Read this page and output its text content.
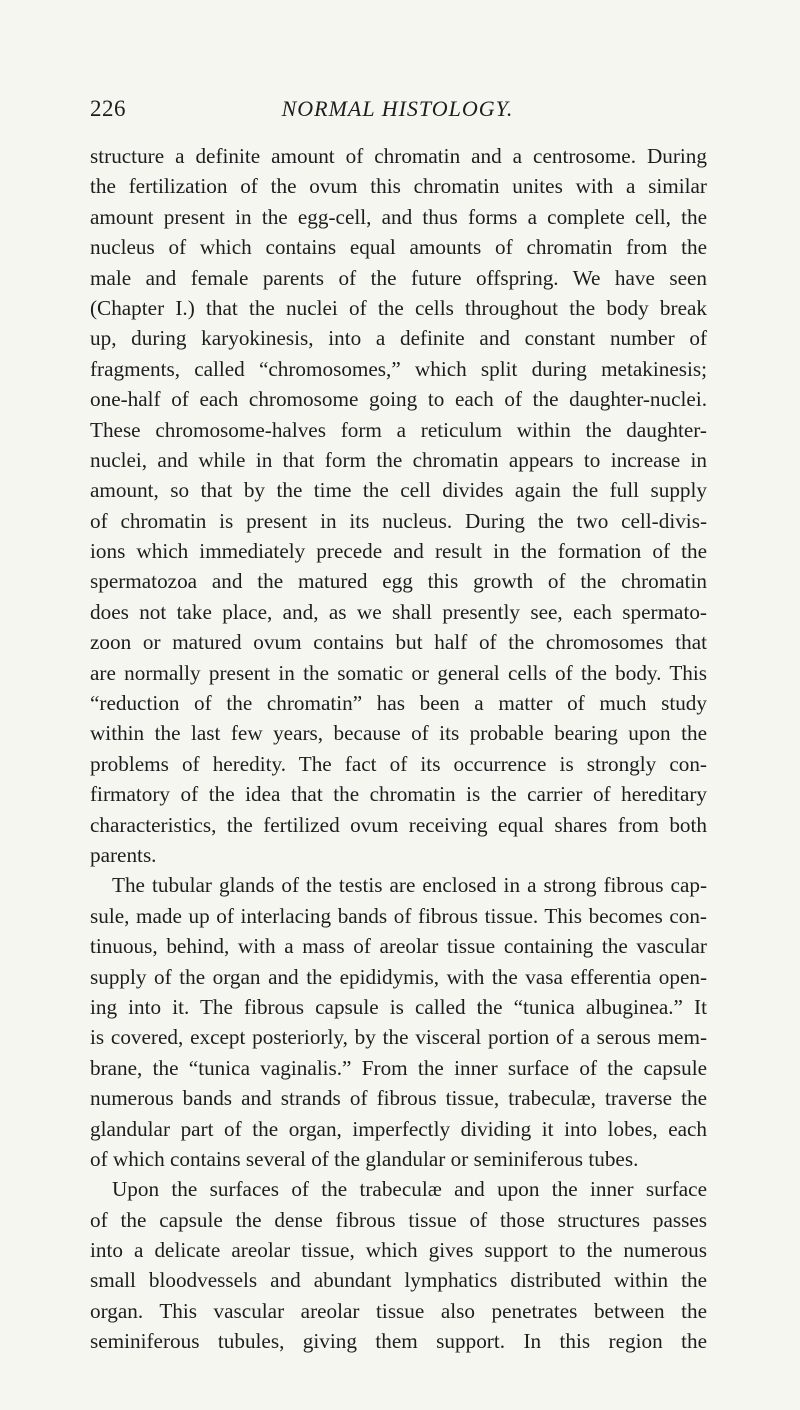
226	NORMAL HISTOLOGY.
structure a definite amount of chromatin and a centrosome. During
the fertilization of the ovum this chromatin unites with a similar
amount present in the egg-cell, and thus forms a complete cell, the
nucleus of which contains equal amounts of chromatin from the
male and female parents of the future offspring. We have seen
(Chapter I.) that the nuclei of the cells throughout the body break
up, during karyokinesis, into a definite and constant number of
fragments, called “chromosomes,” which split during metakinesis;
one-half of each chromosome going to each of the daughter-nuclei.
These chromosome-halves form a reticulum within the daughter-
nuclei, and while in that form the chromatin appears to increase in
amount, so that by the time the cell divides again the full supply
of chromatin is present in its nucleus. During the two cell-divis-
ions which immediately precede and result in the formation of the
spermatozoa and the matured egg this growth of the chromatin
does not take place, and, as we shall presently see, each spermato-
zoon or matured ovum contains but half of the chromosomes that
are normally present in the somatic or general cells of the body. This
“reduction of the chromatin” has been a matter of much study
within the last few years, because of its probable bearing upon the
problems of heredity. The fact of its occurrence is strongly con-
firmatory of the idea that the chromatin is the carrier of hereditary
characteristics, the fertilized ovum receiving equal shares from both
parents.
The tubular glands of the testis are enclosed in a strong fibrous cap-
sule, made up of interlacing bands of fibrous tissue. This becomes con-
tinuous, behind, with a mass of areolar tissue containing the vascular
supply of the organ and the epididymis, with the vasa efferentia open-
ing into it. The fibrous capsule is called the “tunica albuginea.” It
is covered, except posteriorly, by the visceral portion of a serous mem-
brane, the “tunica vaginalis.” From the inner surface of the capsule
numerous bands and strands of fibrous tissue, trabeculæ, traverse the
glandular part of the organ, imperfectly dividing it into lobes, each
of which contains several of the glandular or seminiferous tubes.
Upon the surfaces of the trabeculæ and upon the inner surface
of the capsule the dense fibrous tissue of those structures passes
into a delicate areolar tissue, which gives support to the numerous
small bloodvessels and abundant lymphatics distributed within the
organ. This vascular areolar tissue also penetrates between the
seminiferous tubules, giving them support. In this region the
